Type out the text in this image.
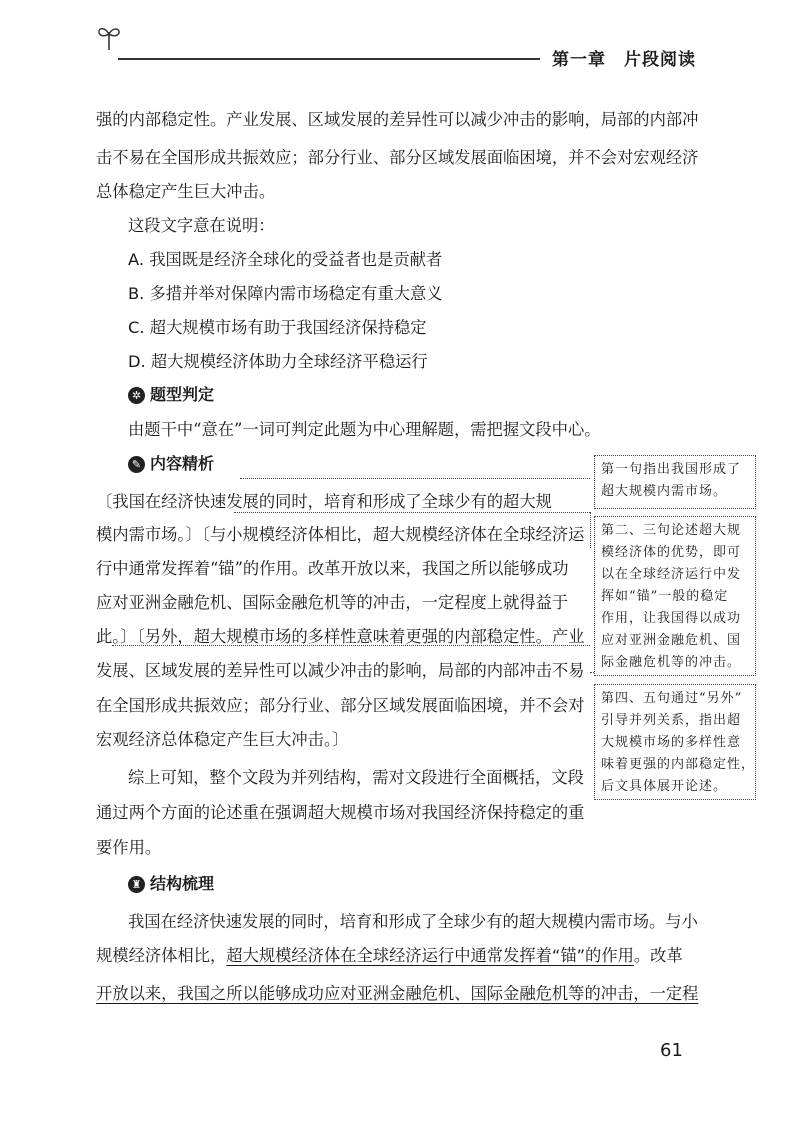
第一章　片段阅读
强的内部稳定性。产业发展、区域发展的差异性可以减少冲击的影响，局部的内部冲
击不易在全国形成共振效应；部分行业、部分区域发展面临困境，并不会对宏观经济
总体稳定产生巨大冲击。
这段文字意在说明：
A. 我国既是经济全球化的受益者也是贡献者
B. 多措并举对保障内需市场稳定有重大意义
C. 超大规模市场有助于我国经济保持稳定
D. 超大规模经济体助力全球经济平稳运行
✲ 题型判定
由题干中“意在”一词可判定此题为中心理解题，需把握文段中心。
✎ 内容精析
〔我国在经济快速发展的同时，培育和形成了全球少有的超大规
模内需市场。〕〔与小规模经济体相比，超大规模经济体在全球经济运
行中通常发挥着“锚”的作用。改革开放以来，我国之所以能够成功
应对亚洲金融危机、国际金融危机等的冲击，一定程度上就得益于
此。〕〔另外，超大规模市场的多样性意味着更强的内部稳定性。产业
发展、区域发展的差异性可以减少冲击的影响，局部的内部冲击不易
在全国形成共振效应；部分行业、部分区域发展面临困境，并不会对
宏观经济总体稳定产生巨大冲击。〕
综上可知，整个文段为并列结构，需对文段进行全面概括，文段
通过两个方面的论述重在强调超大规模市场对我国经济保持稳定的重
要作用。
第一句指出我国形成了
超大规模内需市场。
第二、三句论述超大规
模经济体的优势，即可
以在全球经济运行中发
挥如“锚”一般的稳定
作用，让我国得以成功
应对亚洲金融危机、国
际金融危机等的冲击。
第四、五句通过“另外”
引导并列关系，指出超
大规模市场的多样性意
味着更强的内部稳定性，
后文具体展开论述。
♜ 结构梳理
我国在经济快速发展的同时，培育和形成了全球少有的超大规模内需市场。与小
规模经济体相比，超大规模经济体在全球经济运行中通常发挥着“锚”的作用。改革
开放以来，我国之所以能够成功应对亚洲金融危机、国际金融危机等的冲击，一定程
61
